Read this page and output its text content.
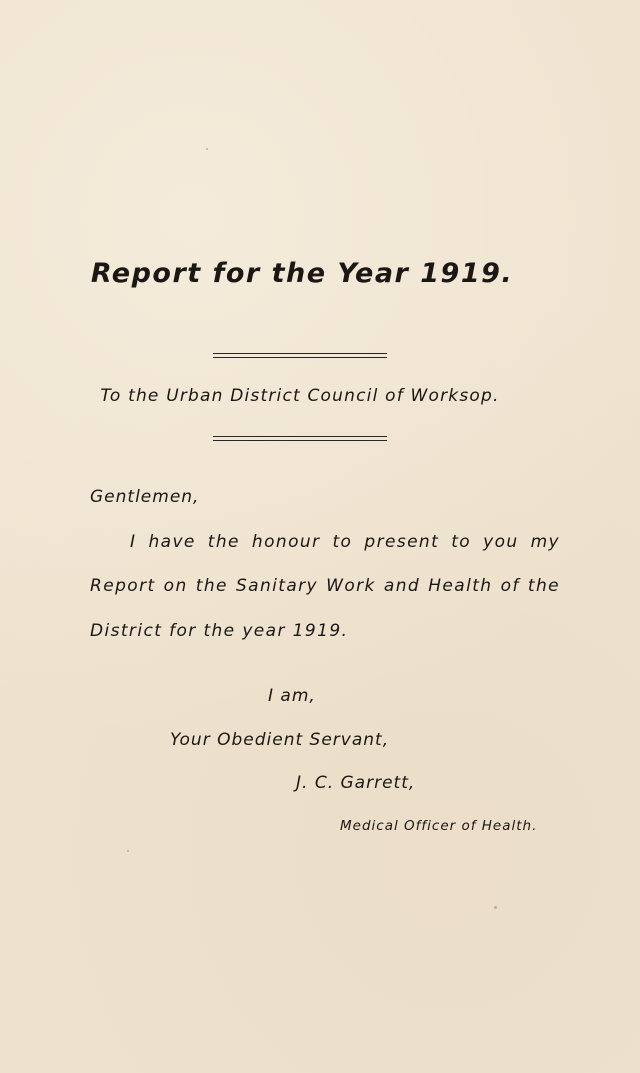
Report for the Year 1919.
To the Urban District Council of Worksop.
Gentlemen,
I have the honour to present to you my
Report on the Sanitary Work and Health of the
District for the year 1919.
I am,
Your Obedient Servant,
J. C. Garrett,
Medical Officer of Health.
